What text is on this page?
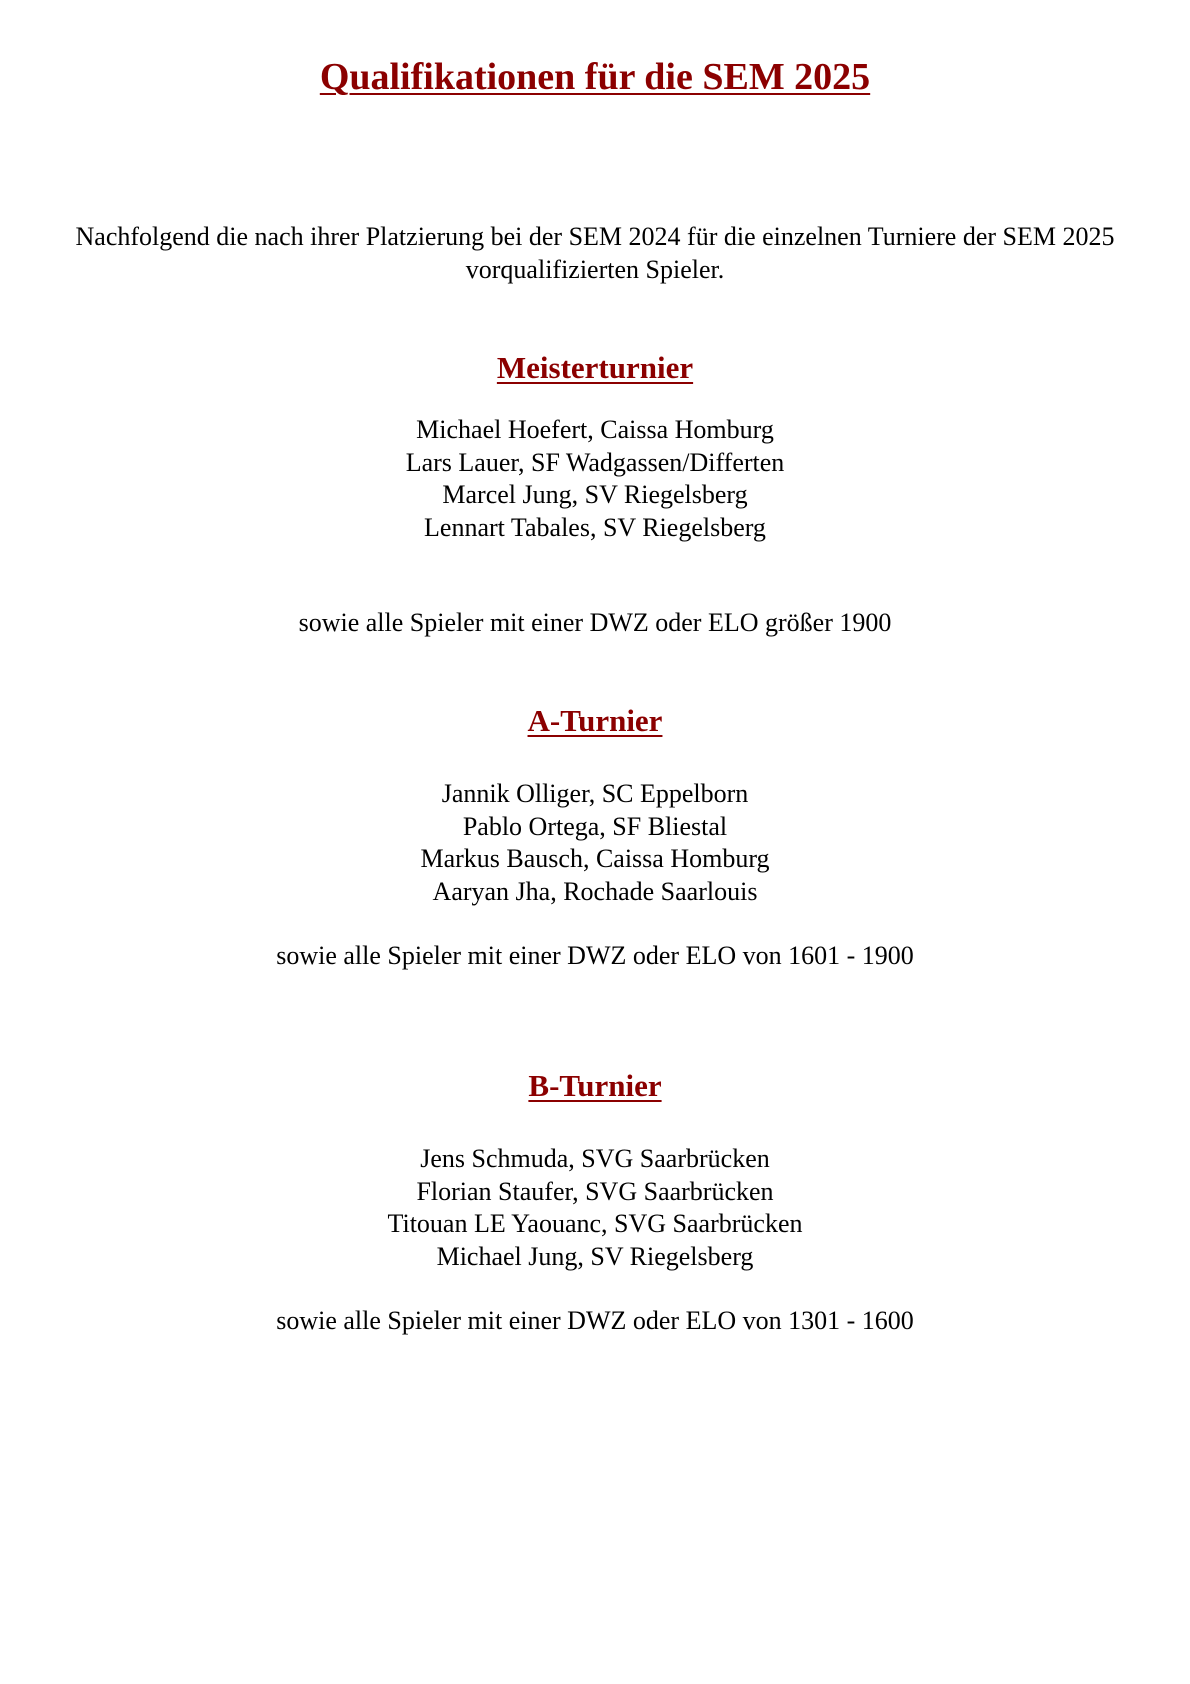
Qualifikationen für die SEM 2025

Nachfolgend die nach ihrer Platzierung bei der SEM 2024 für die einzelnen Turniere der SEM 2025 vorqualifizierten Spieler.

Meisterturnier
Michael Hoefert, Caissa Homburg
Lars Lauer, SF Wadgassen/Differten
Marcel Jung, SV Riegelsberg
Lennart Tabales, SV Riegelsberg

sowie alle Spieler mit einer DWZ oder ELO größer 1900

A-Turnier
Jannik Olliger, SC Eppelborn
Pablo Ortega, SF Bliestal
Markus Bausch, Caissa Homburg
Aaryan Jha, Rochade Saarlouis

sowie alle Spieler mit einer DWZ oder ELO von 1601 - 1900

B-Turnier
Jens Schmuda, SVG Saarbrücken
Florian Staufer, SVG Saarbrücken
Titouan LE Yaouanc, SVG Saarbrücken
Michael Jung, SV Riegelsberg

sowie alle Spieler mit einer DWZ oder ELO von 1301 - 1600
